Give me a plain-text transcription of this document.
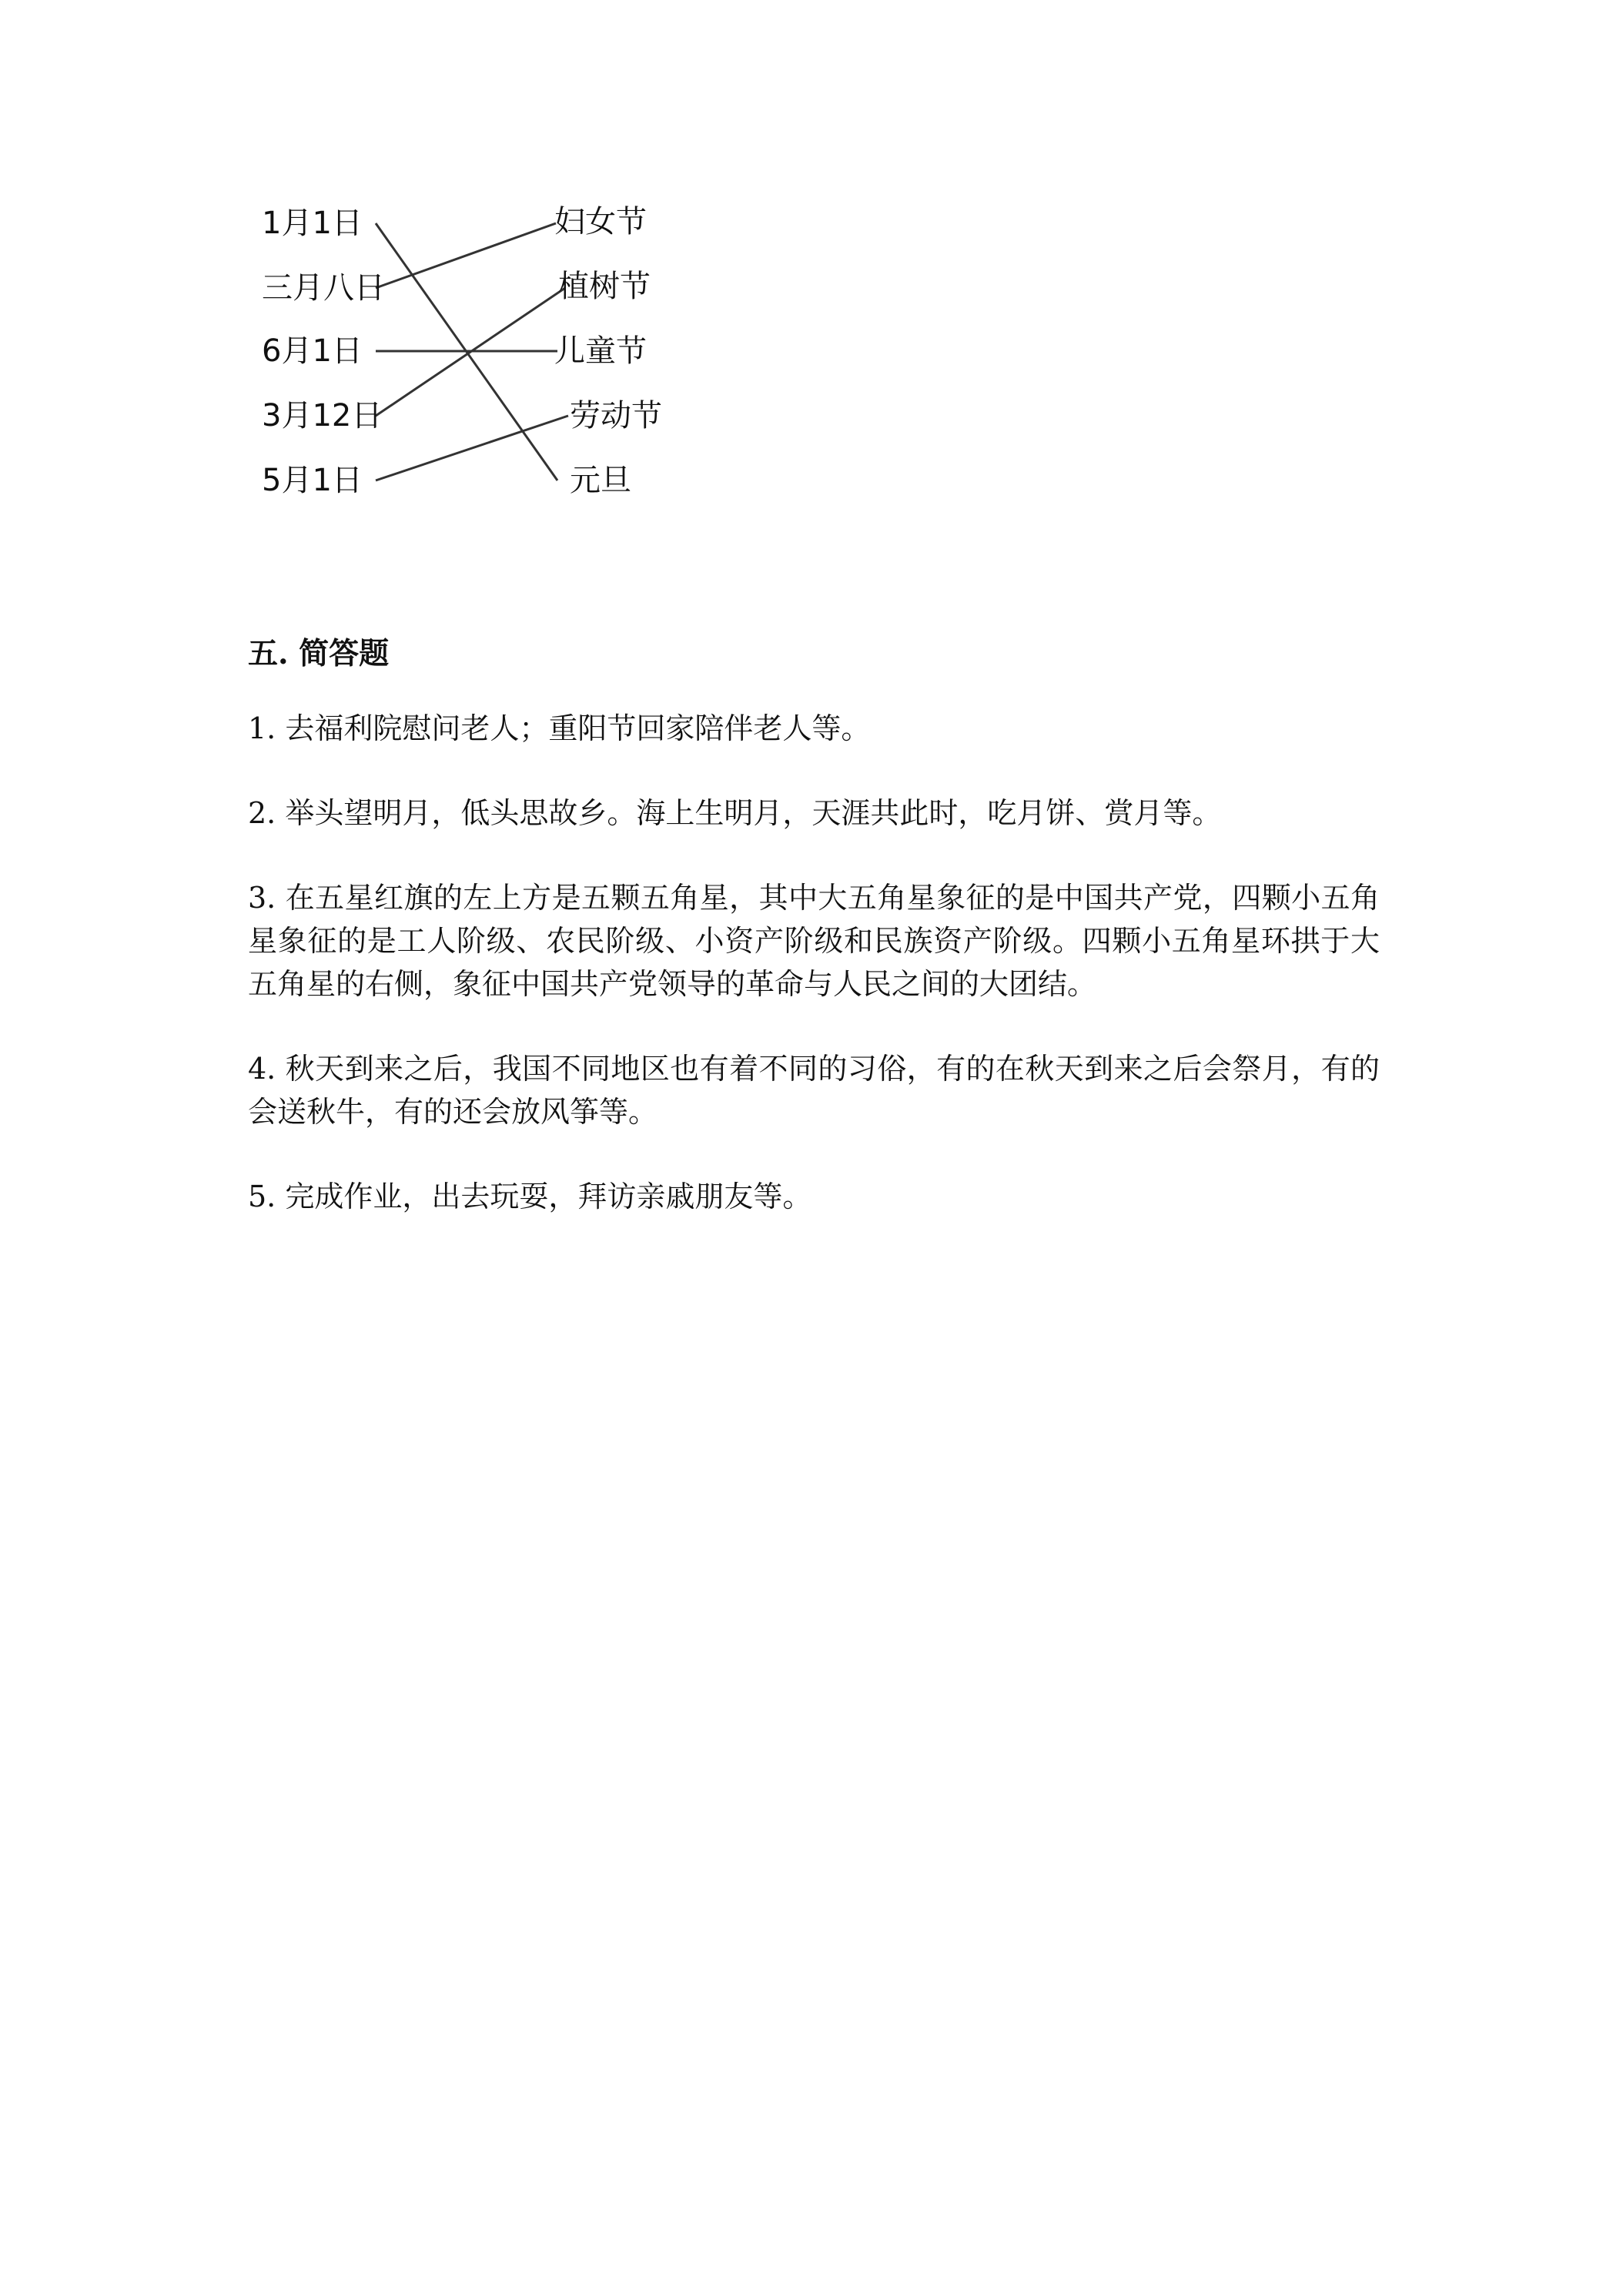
1月1日
三月八日
6月1日
3月12日
5月1日
妇女节
植树节
儿童节
劳动节
元旦
五. 简答题

1. 去福利院慰问老人；重阳节回家陪伴老人等。

2. 举头望明月，低头思故乡。海上生明月，天涯共此时，吃月饼、赏月等。

3. 在五星红旗的左上方是五颗五角星，其中大五角星象征的是中国共产党，四颗小五角星象征的是工人阶级、农民阶级、小资产阶级和民族资产阶级。四颗小五角星环拱于大五角星的右侧，象征中国共产党领导的革命与人民之间的大团结。

4. 秋天到来之后，我国不同地区也有着不同的习俗，有的在秋天到来之后会祭月，有的会送秋牛，有的还会放风筝等。

5. 完成作业，出去玩耍，拜访亲戚朋友等。
